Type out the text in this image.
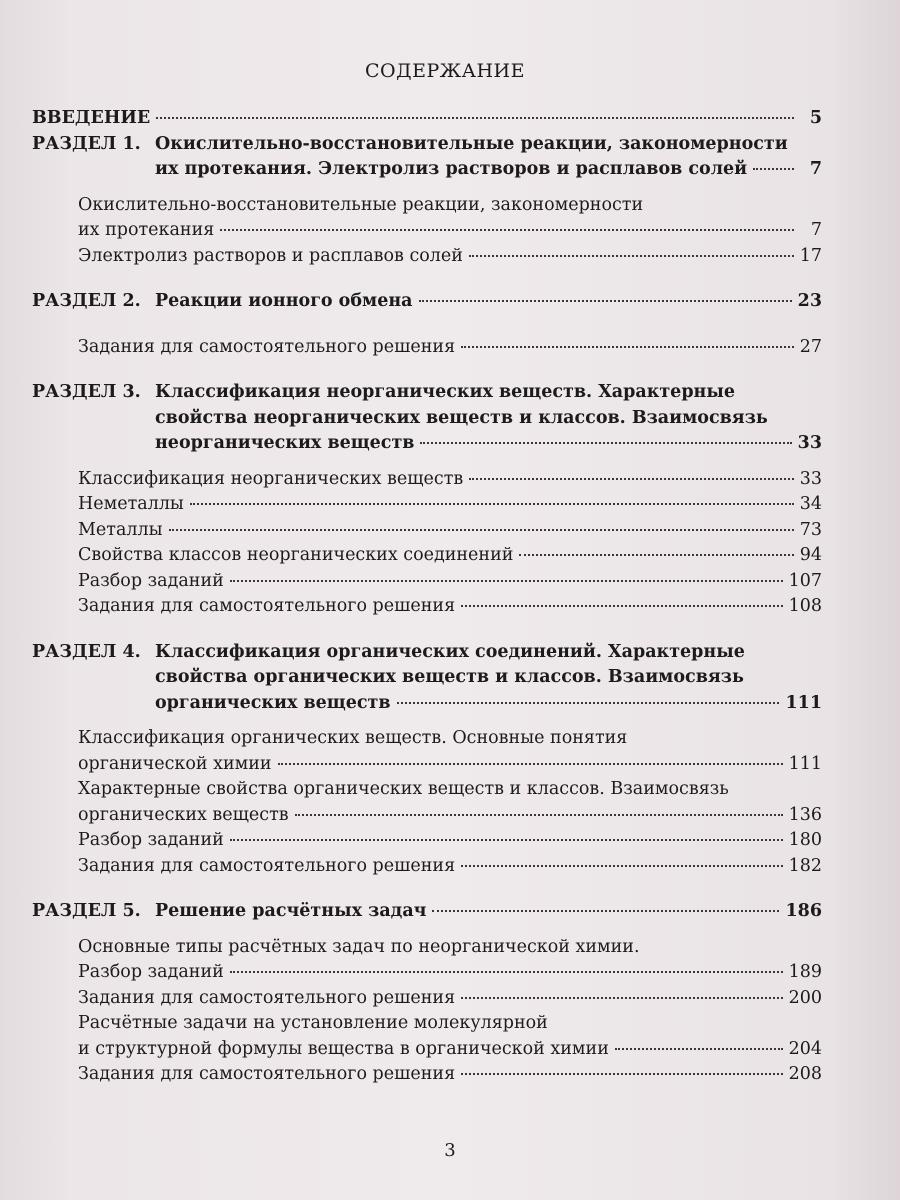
СОДЕРЖАНИЕ
ВВЕДЕНИЕ	5
РАЗДЕЛ 1. Окислительно-восстановительные реакции, закономерности
их протекания. Электролиз растворов и расплавов солей	7
Окислительно-восстановительные реакции, закономерности
их протекания	7
Электролиз растворов и расплавов солей	17
РАЗДЕЛ 2. Реакции ионного обмена	23
Задания для самостоятельного решения	27
РАЗДЕЛ 3. Классификация неорганических веществ. Характерные
свойства неорганических веществ и классов. Взаимосвязь
неорганических веществ	33
Классификация неорганических веществ	33
Неметаллы	34
Металлы	73
Свойства классов неорганических соединений	94
Разбор заданий	107
Задания для самостоятельного решения	108
РАЗДЕЛ 4. Классификация органических соединений. Характерные
свойства органических веществ и классов. Взаимосвязь
органических веществ	111
Классификация органических веществ. Основные понятия
органической химии	111
Характерные свойства органических веществ и классов. Взаимосвязь
органических веществ	136
Разбор заданий	180
Задания для самостоятельного решения	182
РАЗДЕЛ 5. Решение расчётных задач	186
Основные типы расчётных задач по неорганической химии.
Разбор заданий	189
Задания для самостоятельного решения	200
Расчётные задачи на установление молекулярной
и структурной формулы вещества в органической химии	204
Задания для самостоятельного решения	208
3
